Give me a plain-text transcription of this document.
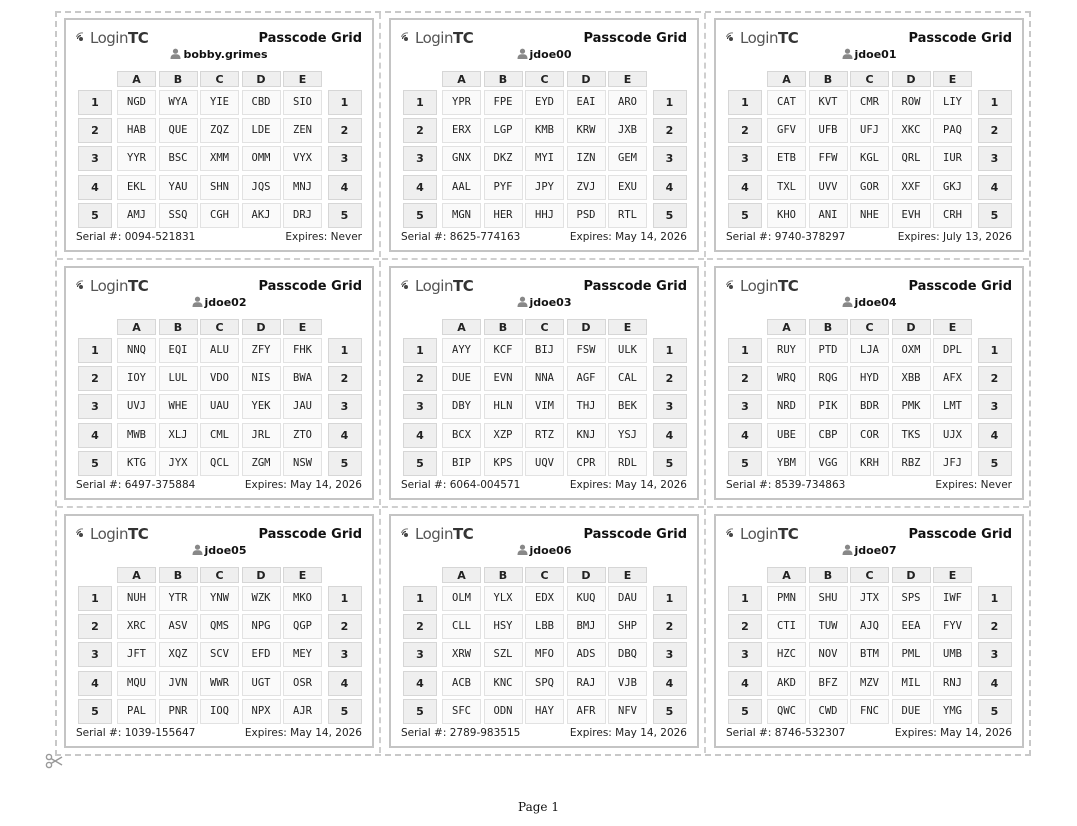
Login TC	Passcode Grid
bobby.grimes
A	B	C	D	E
1	NGD	WYA	YIE	CBD	SIO	1
2	HAB	QUE	ZQZ	LDE	ZEN	2
3	YYR	BSC	XMM	OMM	VYX	3
4	EKL	YAU	SHN	JQS	MNJ	4
5	AMJ	SSQ	CGH	AKJ	DRJ	5
Serial #: 0094-521831	Expires: Never
Login TC	Passcode Grid
jdoe00
A	B	C	D	E
1	YPR	FPE	EYD	EAI	ARO	1
2	ERX	LGP	KMB	KRW	JXB	2
3	GNX	DKZ	MYI	IZN	GEM	3
4	AAL	PYF	JPY	ZVJ	EXU	4
5	MGN	HER	HHJ	PSD	RTL	5
Serial #: 8625-774163	Expires: May 14, 2026
Login TC	Passcode Grid
jdoe01
A	B	C	D	E
1	CAT	KVT	CMR	ROW	LIY	1
2	GFV	UFB	UFJ	XKC	PAQ	2
3	ETB	FFW	KGL	QRL	IUR	3
4	TXL	UVV	GOR	XXF	GKJ	4
5	KHO	ANI	NHE	EVH	CRH	5
Serial #: 9740-378297	Expires: July 13, 2026
Login TC	Passcode Grid
jdoe02
A	B	C	D	E
1	NNQ	EQI	ALU	ZFY	FHK	1
2	IOY	LUL	VDO	NIS	BWA	2
3	UVJ	WHE	UAU	YEK	JAU	3
4	MWB	XLJ	CML	JRL	ZTO	4
5	KTG	JYX	QCL	ZGM	NSW	5
Serial #: 6497-375884	Expires: May 14, 2026
Login TC	Passcode Grid
jdoe03
A	B	C	D	E
1	AYY	KCF	BIJ	FSW	ULK	1
2	DUE	EVN	NNA	AGF	CAL	2
3	DBY	HLN	VIM	THJ	BEK	3
4	BCX	XZP	RTZ	KNJ	YSJ	4
5	BIP	KPS	UQV	CPR	RDL	5
Serial #: 6064-004571	Expires: May 14, 2026
Login TC	Passcode Grid
jdoe04
A	B	C	D	E
1	RUY	PTD	LJA	OXM	DPL	1
2	WRQ	RQG	HYD	XBB	AFX	2
3	NRD	PIK	BDR	PMK	LMT	3
4	UBE	CBP	COR	TKS	UJX	4
5	YBM	VGG	KRH	RBZ	JFJ	5
Serial #: 8539-734863	Expires: Never
Login TC	Passcode Grid
jdoe05
A	B	C	D	E
1	NUH	YTR	YNW	WZK	MKO	1
2	XRC	ASV	QMS	NPG	QGP	2
3	JFT	XQZ	SCV	EFD	MEY	3
4	MQU	JVN	WWR	UGT	OSR	4
5	PAL	PNR	IOQ	NPX	AJR	5
Serial #: 1039-155647	Expires: May 14, 2026
Login TC	Passcode Grid
jdoe06
A	B	C	D	E
1	OLM	YLX	EDX	KUQ	DAU	1
2	CLL	HSY	LBB	BMJ	SHP	2
3	XRW	SZL	MFO	ADS	DBQ	3
4	ACB	KNC	SPQ	RAJ	VJB	4
5	SFC	ODN	HAY	AFR	NFV	5
Serial #: 2789-983515	Expires: May 14, 2026
Login TC	Passcode Grid
jdoe07
A	B	C	D	E
1	PMN	SHU	JTX	SPS	IWF	1
2	CTI	TUW	AJQ	EEA	FYV	2
3	HZC	NOV	BTM	PML	UMB	3
4	AKD	BFZ	MZV	MIL	RNJ	4
5	QWC	CWD	FNC	DUE	YMG	5
Serial #: 8746-532307	Expires: May 14, 2026
Page 1
